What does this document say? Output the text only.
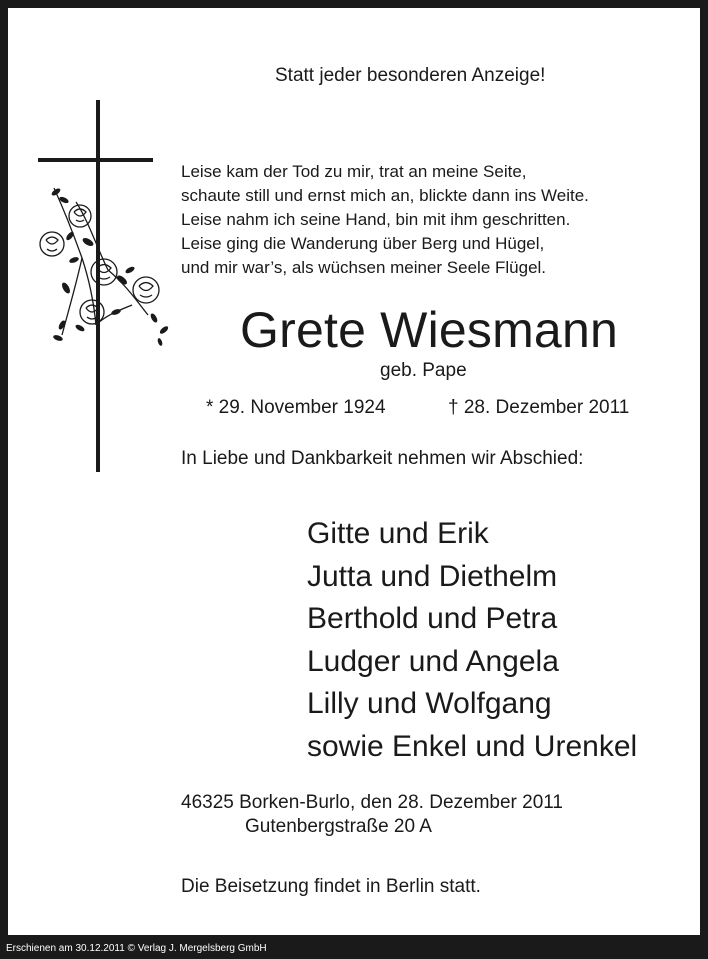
Statt jeder besonderen Anzeige!
Leise kam der Tod zu mir, trat an meine Seite,
schaute still und ernst mich an, blickte dann ins Weite.
Leise nahm ich seine Hand, bin mit ihm geschritten.
Leise ging die Wanderung über Berg und Hügel,
und mir war’s, als wüchsen meiner Seele Flügel.
Grete Wiesmann
geb. Pape
* 29. November 1924	† 28. Dezember 2011
In Liebe und Dankbarkeit nehmen wir Abschied:
Gitte und Erik
Jutta und Diethelm
Berthold und Petra
Ludger und Angela
Lilly und Wolfgang
sowie Enkel und Urenkel
46325 Borken-Burlo, den 28. Dezember 2011
Gutenbergstraße 20 A
Die Beisetzung findet in Berlin statt.
Erschienen am 30.12.2011 © Verlag J. Mergelsberg GmbH
